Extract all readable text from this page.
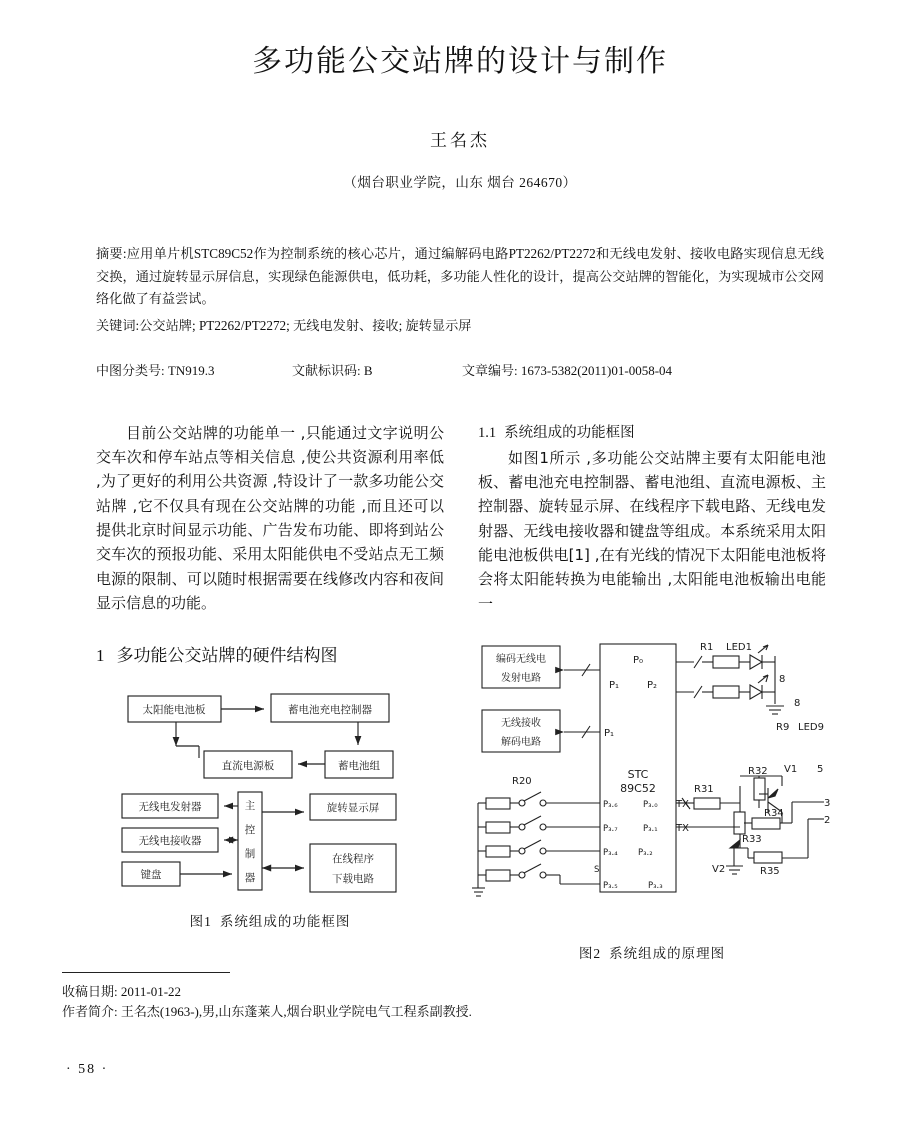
多功能公交站牌的设计与制作
王名杰
（烟台职业学院，山东 烟台 264670）
摘要:应用单片机STC89C52作为控制系统的核心芯片，通过编解码电路PT2262/PT2272和无线电发射、接收电路实现信息无线交换，通过旋转显示屏信息，实现绿色能源供电，低功耗，多功能人性化的设计，提高公交站牌的智能化，为实现城市公交网络化做了有益尝试。
关键词:公交站牌; PT2262/PT2272; 无线电发射、接收; 旋转显示屏
中图分类号: TN919.3	文献标识码: B	文章编号: 1673-5382(2011)01-0058-04

目前公交站牌的功能单一 ,只能通过文字说明公交车次和停车站点等相关信息 ,使公共资源利用率低 ,为了更好的利用公共资源 ,特设计了一款多功能公交站牌 ,它不仅具有现在公交站牌的功能 ,而且还可以提供北京时间显示功能、广告发布功能、即将到站公交车次的预报功能、采用太阳能供电不受站点无工频电源的限制、可以随时根据需要在线修改内容和夜间显示信息的功能。

1 多功能公交站牌的硬件结构图
太阳能电池板	蓄电池充电控制器
直流电源板	蓄电池组
无线电发射器
无线电接收器
键盘
旋转显示屏
在线程序
下载电路
主
控
制
器
图1 系统组成的功能框图
1.1 系统组成的功能框图

如图1所示 ,多功能公交站牌主要有太阳能电池板、蓄电池充电控制器、蓄电池组、直流电源板、主控制器、旋转显示屏、在线程序下载电路、无线电发射器、无线电接收器和键盘等组成。本系统采用太阳能电池板供电[1] ,在有光线的情况下太阳能电池板将会将太阳能转换为电能输出 ,太阳能电池板输出电能一

P₀
P₁	P₂
P₁
STC
89C52
P₃.₆
P₃.₇
P₃.₄
P₃.₅
P₃.₀
P₃.₁
P₃.₂
P₃.₃
S
编码无线电
发射电路
无线接收
解码电路
R1 LED1
8
8
R9 LED9
R20
R31
R32
R33
R34
R35
V1
V2
TX
TX
5
3
2
图2 系统组成的原理图
收稿日期: 2011-01-22
作者简介: 王名杰(1963-),男,山东蓬莱人,烟台职业学院电气工程系副教授.
· 58 ·
